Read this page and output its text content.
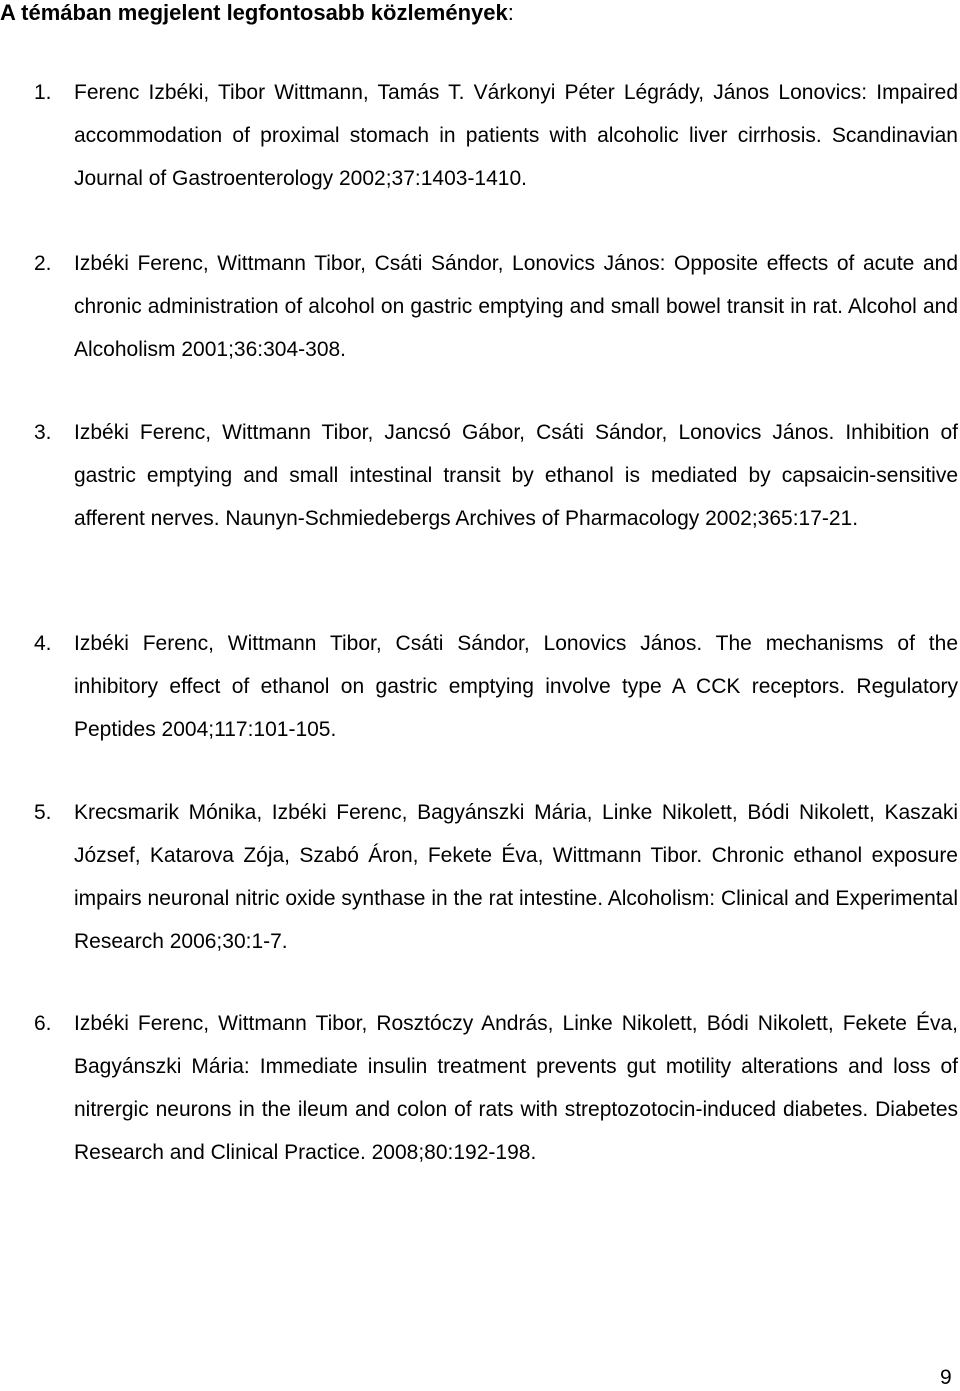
A témában megjelent legfontosabb közlemények:
1.	Ferenc Izbéki, Tibor Wittmann, Tamás T. Várkonyi Péter Légrády, János Lonovics: Impaired accommodation of proximal stomach in patients with alcoholic liver cirrhosis. Scandinavian Journal of Gastroenterology 2002;37:1403-1410.
2.	Izbéki Ferenc, Wittmann Tibor, Csáti Sándor, Lonovics János: Opposite effects of acute and chronic administration of alcohol on gastric emptying and small bowel transit in rat. Alcohol and Alcoholism 2001;36:304-308.
3.	Izbéki Ferenc, Wittmann Tibor, Jancsó Gábor, Csáti Sándor, Lonovics János. Inhibition of gastric emptying and small intestinal transit by ethanol is mediated by capsaicin-sensitive afferent nerves. Naunyn-Schmiedebergs Archives of Pharmacology 2002;365:17-21.
4.	Izbéki Ferenc, Wittmann Tibor, Csáti Sándor, Lonovics János. The mechanisms of the inhibitory effect of ethanol on gastric emptying involve type A CCK receptors. Regulatory Peptides 2004;117:101-105.
5.	Krecsmarik Mónika, Izbéki Ferenc, Bagyánszki Mária, Linke Nikolett, Bódi Nikolett, Kaszaki József, Katarova Zója, Szabó Áron, Fekete Éva, Wittmann Tibor. Chronic ethanol exposure impairs neuronal nitric oxide synthase in the rat intestine. Alcoholism: Clinical and Experimental Research 2006;30:1-7.
6.	Izbéki Ferenc, Wittmann Tibor, Rosztóczy András, Linke Nikolett, Bódi Nikolett, Fekete Éva, Bagyánszki Mária: Immediate insulin treatment prevents gut motility alterations and loss of nitrergic neurons in the ileum and colon of rats with streptozotocin-induced diabetes. Diabetes Research and Clinical Practice. 2008;80:192-198.
9
